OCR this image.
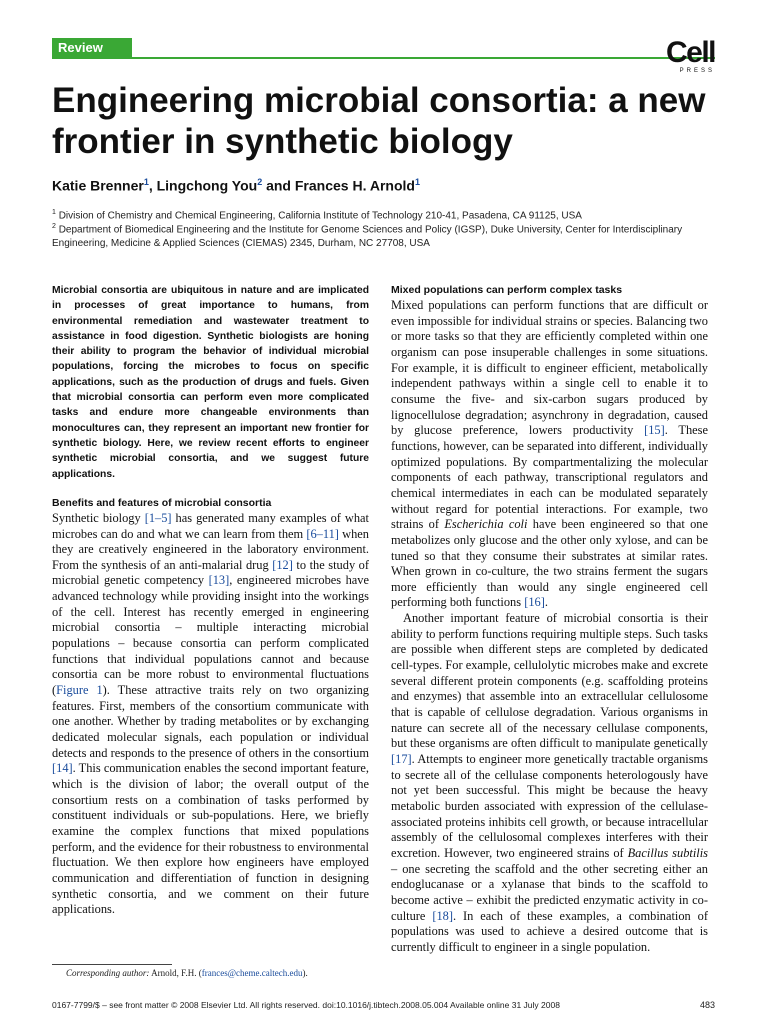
Review	Cell
PRESS
Engineering microbial consortia: a new frontier in synthetic biology
Katie Brenner$^1$, Lingchong You$^2$ and Frances H. Arnold$^1$
$^1$ Division of Chemistry and Chemical Engineering, California Institute of Technology 210-41, Pasadena, CA 91125, USA
$^2$ Department of Biomedical Engineering and the Institute for Genome Sciences and Policy (IGSP), Duke University, Center for Interdisciplinary Engineering, Medicine & Applied Sciences (CIEMAS) 2345, Durham, NC 27708, USA

Microbial consortia are ubiquitous in nature and are implicated in processes of great importance to humans, from environmental remediation and wastewater treatment to assistance in food digestion. Synthetic biologists are honing their ability to program the behavior of individual microbial populations, forcing the microbes to focus on specific applications, such as the production of drugs and fuels. Given that microbial consortia can perform even more complicated tasks and endure more changeable environments than monocultures can, they represent an important new frontier for synthetic biology. Here, we review recent efforts to engineer synthetic microbial consortia, and we suggest future applications.

Benefits and features of microbial consortia

Synthetic biology [1–5] has generated many examples of what microbes can do and what we can learn from them [6–11] when they are creatively engineered in the laboratory environment. From the synthesis of an anti-malarial drug [12] to the study of microbial genetic competency [13], engineered microbes have advanced technology while providing insight into the workings of the cell. Interest has recently emerged in engineering microbial consortia – multiple interacting microbial populations – because consortia can perform complicated functions that individual populations cannot and because consortia can be more robust to environmental fluctuations (Figure 1). These attractive traits rely on two organizing features. First, members of the consortium communicate with one another. Whether by trading metabolites or by exchanging dedicated molecular signals, each population or individual detects and responds to the presence of others in the consortium [14]. This communication enables the second important feature, which is the division of labor; the overall output of the consortium rests on a combination of tasks performed by constituent individuals or sub-populations. Here, we briefly examine the complex functions that mixed populations perform, and the evidence for their robustness to environmental fluctuation. We then explore how engineers have employed communication and differentiation of function in designing synthetic consortia, and we comment on their future applications.

Mixed populations can perform complex tasks

Mixed populations can perform functions that are difficult or even impossible for individual strains or species. Balancing two or more tasks so that they are efficiently completed within one organism can pose insuperable challenges in some situations. For example, it is difficult to engineer efficient, metabolically independent pathways within a single cell to enable it to consume the five- and six-carbon sugars produced by lignocellulose degradation; asynchrony in degradation, caused by glucose preference, lowers productivity [15]. These functions, however, can be separated into different, individually optimized populations. By compartmentalizing the molecular components of each pathway, transcriptional regulators and chemical intermediates in each can be modulated separately without regard for potential interactions. For example, two strains of Escherichia coli have been engineered so that one metabolizes only glucose and the other only xylose, and can be tuned so that they consume their substrates at similar rates. When grown in co-culture, the two strains ferment the sugars more efficiently than would any single engineered cell performing both functions [16].

Another important feature of microbial consortia is their ability to perform functions requiring multiple steps. Such tasks are possible when different steps are completed by dedicated cell-types. For example, cellulolytic microbes make and excrete several different protein components (e.g. scaffolding proteins and enzymes) that assemble into an extracellular cellulosome that is capable of cellulose degradation. Various organisms in nature can secrete all of the necessary cellulase components, but these organisms are often difficult to manipulate genetically [17]. Attempts to engineer more genetically tractable organisms to secrete all of the cellulase components heterologously have not yet been successful. This might be because the heavy metabolic burden associated with expression of the cellulase-associated proteins inhibits cell growth, or because intracellular assembly of the cellulosomal complexes interferes with their excretion. However, two engineered strains of Bacillus subtilis – one secreting the scaffold and the other secreting either an endoglucanase or a xylanase that binds to the scaffold to become active – exhibit the predicted enzymatic activity in co-culture [18]. In each of these examples, a combination of populations was used to achieve a desired outcome that is currently difficult to engineer in a single population.

Corresponding author: Arnold, F.H. (frances@cheme.caltech.edu).
0167-7799/$ – see front matter © 2008 Elsevier Ltd. All rights reserved. doi:10.1016/j.tibtech.2008.05.004 Available online 31 July 2008	483
